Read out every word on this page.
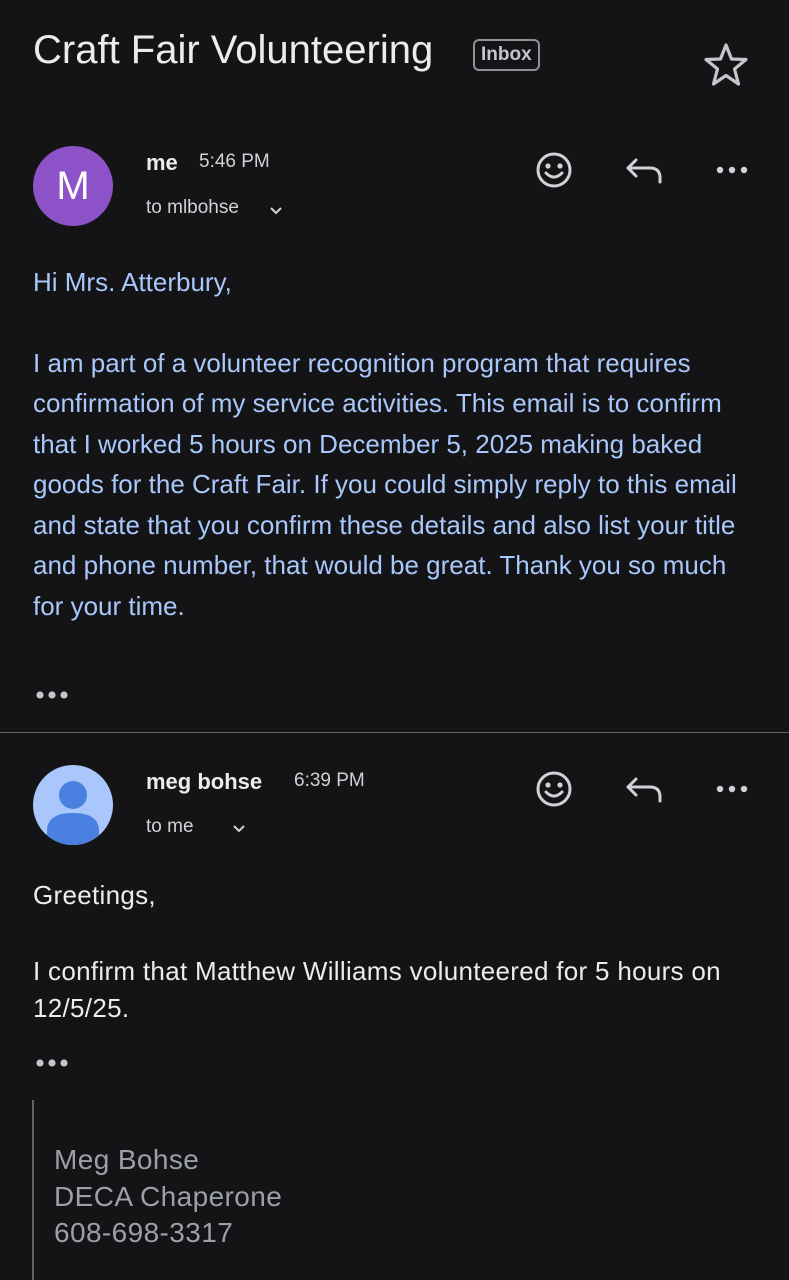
Craft Fair Volunteering	Inbox
M
me 5:46 PM
to mlbohse

Hi Mrs. Atterbury,

I am part of a volunteer recognition program that requires confirmation of my service activities. This email is to confirm that I worked 5 hours on December 5, 2025 making baked goods for the Craft Fair. If you could simply reply to this email and state that you confirm these details and also list your title and phone number, that would be great. Thank you so much for your time.

meg bohse 6:39 PM
to me

Greetings,

I confirm that Matthew Williams volunteered for 5 hours on 12/5/25.

Meg Bohse
DECA Chaperone
608-698-3317
